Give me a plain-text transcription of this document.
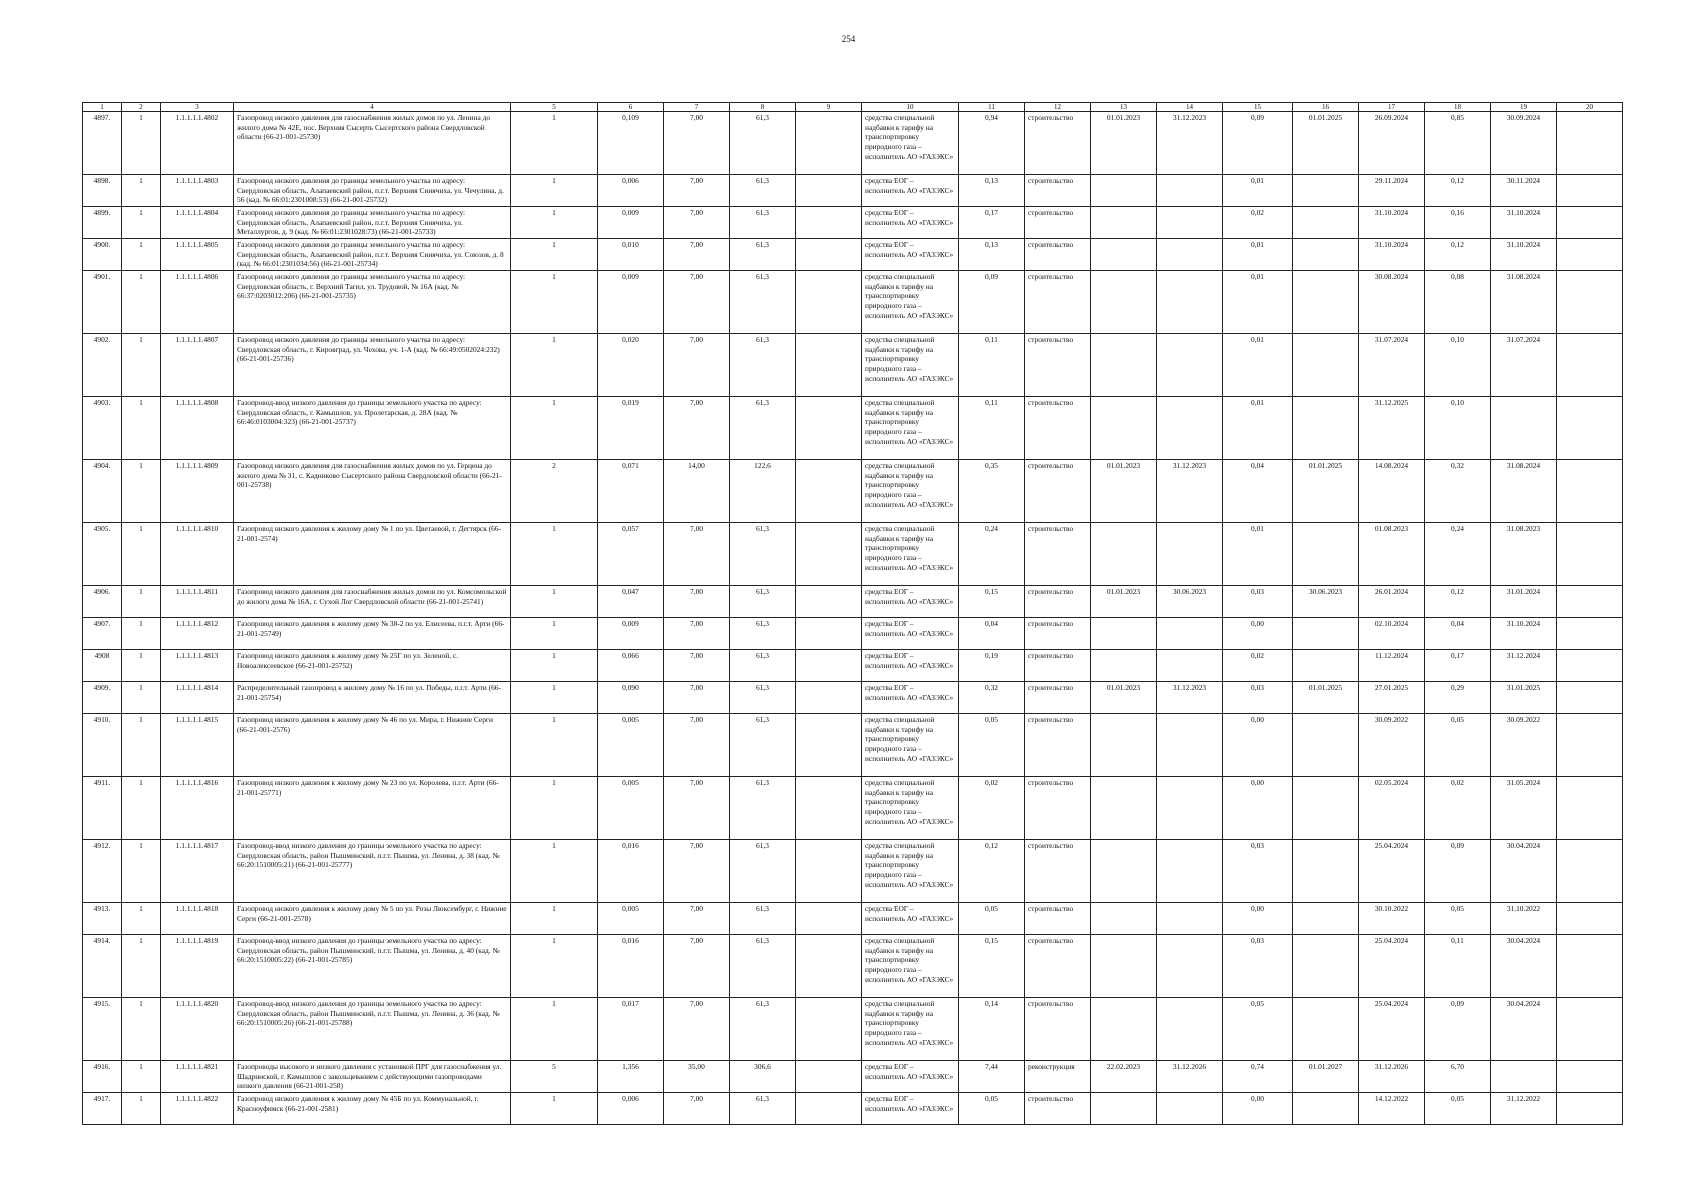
254
1	2	3	4	5	6	7	8	9	10	11	12	13	14	15	16	17	18	19	20
4897.	1	1.1.1.1.1.4802	Газопровод низкого давления для газоснабжения жилых домов по ул. Ленина до жилого дома № 42Е, пос. Верхняя Сысерть Сысертского района Свердловской области (66-21-001-25730)	1	0,109	7,00	61,3		средства специальной надбавки к тарифу на транспортировку природного газа – исполнитель АО «ГАЗЭКС»	0,94	строительство	01.01.2023	31.12.2023	0,09	01.01.2025	26.09.2024	0,85	30.09.2024	
4898.	1	1.1.1.1.1.4803	Газопровод низкого давления до границы земельного участка по адресу: Свердловская область, Алапаевский район, п.г.т. Верхняя Синячиха, ул. Чечулина, д. 56 (кад. № 66:01:2301008:53) (66-21-001-25732)	1	0,006	7,00	61,3		средства ЕОГ – исполнитель АО «ГАЗЭКС»	0,13	строительство			0,01		29.11.2024	0,12	30.11.2024	
4899.	1	1.1.1.1.1.4804	Газопровод низкого давления до границы земельного участка по адресу: Свердловская область, Алапаевский район, п.г.т. Верхняя Синячиха, ул. Металлургов, д. 9 (кад. № 66:01:2301028:73) (66-21-001-25733)	1	0,009	7,00	61,3		средства ЕОГ – исполнитель АО «ГАЗЭКС»	0,17	строительство			0,02		31.10.2024	0,16	31.10.2024	
4900.	1	1.1.1.1.1.4805	Газопровод низкого давления до границы земельного участка по адресу: Свердловская область, Алапаевский район, п.г.т. Верхняя Синячиха, ул. Союзов, д. 8 (кад. № 66:01:2301034:56) (66-21-001-25734)	1	0,010	7,00	61,3		средства ЕОГ – исполнитель АО «ГАЗЭКС»	0,13	строительство			0,01		31.10.2024	0,12	31.10.2024	
4901.	1	1.1.1.1.1.4806	Газопровод низкого давления до границы земельного участка по адресу: Свердловская область, г. Верхний Тагил, ул. Трудовой, № 16А (кад. № 66:37:0203012:206) (66-21-001-25735)	1	0,009	7,00	61,3		средства специальной надбавки к тарифу на транспортировку природного газа – исполнитель АО «ГАЗЭКС»	0,09	строительство			0,01		30.08.2024	0,08	31.08.2024	
4902.	1	1.1.1.1.1.4807	Газопровод низкого давления до границы земельного участка по адресу: Свердловская область, г. Кировград, ул. Чехова, уч. 1-А (кад. № 66:49:0502024:232) (66-21-001-25736)	1	0,020	7,00	61,3		средства специальной надбавки к тарифу на транспортировку природного газа – исполнитель АО «ГАЗЭКС»	0,11	строительство			0,01		31.07.2024	0,10	31.07.2024	
4903.	1	1.1.1.1.1.4808	Газопровод-ввод низкого давления до границы земельного участка по адресу: Свердловская область, г. Камышлов, ул. Пролетарская, д. 28А (кад. № 66:46:0103004:323) (66-21-001-25737)	1	0,019	7,00	61,3		средства специальной надбавки к тарифу на транспортировку природного газа – исполнитель АО «ГАЗЭКС»	0,11	строительство			0,01		31.12.2025	0,10		
4904.	1	1.1.1.1.1.4809	Газопровод низкого давления для газоснабжения жилых домов по ул. Герцена до жилого дома № 31, с. Кадниково Сысертского района Свердловской области (66-21-001-25738)	2	0,071	14,00	122,6		средства специальной надбавки к тарифу на транспортировку природного газа – исполнитель АО «ГАЗЭКС»	0,35	строительство	01.01.2023	31.12.2023	0,04	01.01.2025	14.08.2024	0,32	31.08.2024	
4905.	1	1.1.1.1.1.4810	Газопровод низкого давления к жилому дому № 1 по ул. Цветаевой, г. Дегтярск (66-21-001-2574)	1	0,057	7,00	61,3		средства специальной надбавки к тарифу на транспортировку природного газа – исполнитель АО «ГАЗЭКС»	0,24	строительство			0,01		01.08.2023	0,24	31.08.2023	
4906.	1	1.1.1.1.1.4811	Газопровод низкого давления для газоснабжения жилых домов по ул. Комсомольской до жилого дома № 16А, г. Сухой Лог Свердловской области (66-21-001-25741)	1	0,047	7,00	61,3		средства ЕОГ – исполнитель АО «ГАЗЭКС»	0,15	строительство	01.01.2023	30.06.2023	0,03	30.06.2023	26.01.2024	0,12	31.01.2024	
4907.	1	1.1.1.1.1.4812	Газопровод низкого давления к жилому дому № 38-2 по ул. Елисеева, п.г.т. Арти (66-21-001-25749)	1	0,009	7,00	61,3		средства ЕОГ – исполнитель АО «ГАЗЭКС»	0,04	строительство			0,00		02.10.2024	0,04	31.10.2024	
4908	1	1.1.1.1.1.4813	Газопровод низкого давления к жилому дому № 25Г по ул. Зеленой, с. Новоалексеевское (66-21-001-25752)	1	0,066	7,00	61,3		средства ЕОГ – исполнитель АО «ГАЗЭКС»	0,19	строительство			0,02		11.12.2024	0,17	31.12.2024	
4909.	1	1.1.1.1.1.4814	Распределительный газопровод к жилому дому № 16 по ул. Победы, п.г.т. Арти (66-21-001-25754)	1	0,090	7,00	61,3		средства ЕОГ – исполнитель АО «ГАЗЭКС»	0,32	строительство	01.01.2023	31.12.2023	0,03	01.01.2025	27.01.2025	0,29	31.01.2025	
4910.	1	1.1.1.1.1.4815	Газопровод низкого давления к жилому дому № 46 по ул. Мира, г. Нижние Серги (66-21-001-2576)	1	0,005	7,00	61,3		средства специальной надбавки к тарифу на транспортировку природного газа – исполнитель АО «ГАЗЭКС»	0,05	строительство			0,00		30.09.2022	0,05	30.09.2022	
4911.	1	1.1.1.1.1.4816	Газопровод низкого давления к жилому дому № 23 по ул. Королева, п.г.т. Арти (66-21-001-25771)	1	0,005	7,00	61,3		средства специальной надбавки к тарифу на транспортировку природного газа – исполнитель АО «ГАЗЭКС»	0,02	строительство			0,00		02.05.2024	0,02	31.05.2024	
4912.	1	1.1.1.1.1.4817	Газопровод-ввод низкого давления до границы земельного участка по адресу: Свердловская область, район Пышминский, п.г.т. Пышма, ул. Ленина, д. 38 (кад. № 66:20:1510005:21) (66-21-001-25777)	1	0,016	7,00	61,3		средства специальной надбавки к тарифу на транспортировку природного газа – исполнитель АО «ГАЗЭКС»	0,12	строительство			0,03		25.04.2024	0,09	30.04.2024	
4913.	1	1.1.1.1.1.4818	Газопровод низкого давления к жилому дому № 5 по ул. Розы Люксембург, г. Нижние Серги (66-21-001-2578)	1	0,005	7,00	61,3		средства ЕОГ – исполнитель АО «ГАЗЭКС»	0,05	строительство			0,00		30.10.2022	0,05	31.10.2022	
4914.	1	1.1.1.1.1.4819	Газопровод-ввод низкого давления до границы земельного участка по адресу: Свердловская область, район Пышминский, п.г.т. Пышма, ул. Ленина, д. 40 (кад. № 66:20:1510005:22) (66-21-001-25785)	1	0,016	7,00	61,3		средства специальной надбавки к тарифу на транспортировку природного газа – исполнитель АО «ГАЗЭКС»	0,15	строительство			0,03		25.04.2024	0,11	30.04.2024	
4915.	1	1.1.1.1.1.4820	Газопровод-ввод низкого давления до границы земельного участка по адресу: Свердловская область, район Пышминский, п.г.т. Пышма, ул. Ленина, д. 36 (кад. № 66:20:1510005:26) (66-21-001-25788)	1	0,017	7,00	61,3		средства специальной надбавки к тарифу на транспортировку природного газа – исполнитель АО «ГАЗЭКС»	0,14	строительство			0,05		25.04.2024	0,09	30.04.2024	
4916.	1	1.1.1.1.1.4821	Газопроводы высокого и низкого давления с установкой ПРГ для газоснабжения ул. Шадринской, г. Камышлов с закольцеванием с действующими газопроводами низкого давления (66-21-001-258)	5	1,356	35,00	306,6		средства ЕОГ – исполнитель АО «ГАЗЭКС»	7,44	реконструкция	22.02.2023	31.12.2026	0,74	01.01.2027	31.12.2026	6,70		
4917.	1	1.1.1.1.1.4822	Газопровод низкого давления к жилому дому № 45Б по ул. Коммунальной, г. Красноуфимск (66-21-001-2581)	1	0,006	7,00	61,3		средства ЕОГ – исполнитель АО «ГАЗЭКС»	0,05	строительство			0,00		14.12.2022	0,05	31.12.2022	
